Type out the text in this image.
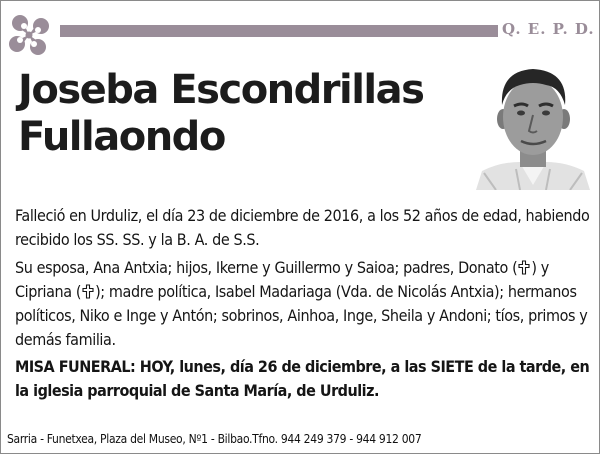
Q. E. P. D.
Joseba Escondrillas
Fullaondo

Falleció en Urduliz, el día 23 de diciembre de 2016, a los 52 años de edad, habiendo recibido los SS. SS. y la B. A. de S.S.

Su esposa, Ana Antxia; hijos, Ikerne y Guillermo y Saioa; padres, Donato ( ) y Cipriana ( ); madre política, Isabel Madariaga (Vda. de Nicolás Antxia); hermanos políticos, Niko e Inge y Antón; sobrinos, Ainhoa, Inge, Sheila y Andoni; tíos, primos y demás familia.

MISA FUNERAL: HOY, lunes, día 26 de diciembre, a las SIETE de la tarde, en la iglesia parroquial de Santa María, de Urduliz.

Sarria - Funetxea, Plaza del Museo, Nº1 - Bilbao.Tfno. 944 249 379 - 944 912 007
